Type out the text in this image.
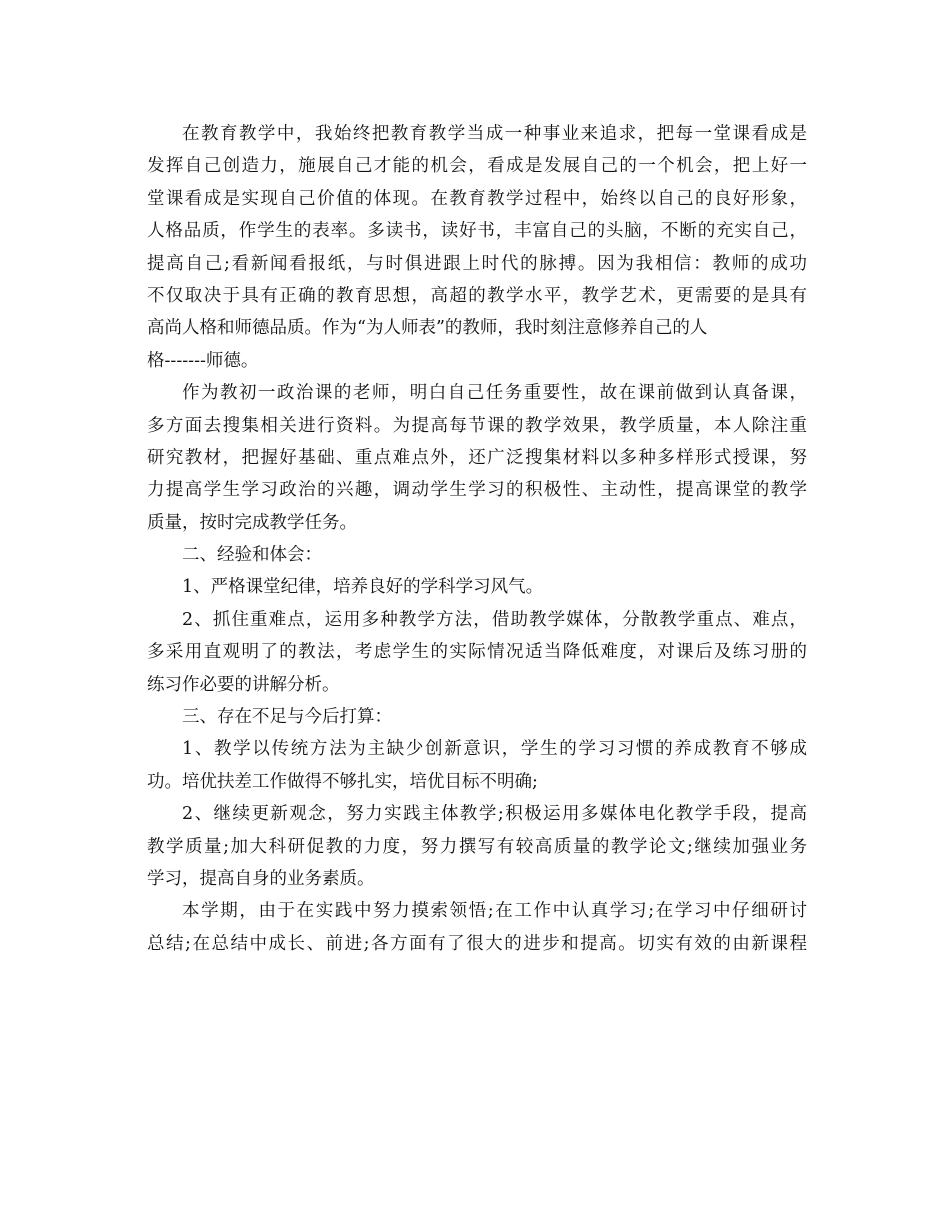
在教育教学中，我始终把教育教学当成一种事业来追求，把每一堂课看成是
发挥自己创造力，施展自己才能的机会，看成是发展自己的一个机会，把上好一
堂课看成是实现自己价值的体现。在教育教学过程中，始终以自己的良好形象，
人格品质，作学生的表率。多读书，读好书，丰富自己的头脑，不断的充实自己，
提高自己;看新闻看报纸，与时俱进跟上时代的脉搏。因为我相信：教师的成功
不仅取决于具有正确的教育思想，高超的教学水平，教学艺术，更需要的是具有
高尚人格和师德品质。作为“为人师表”的教师，我时刻注意修养自己的人
格-------师德。
作为教初一政治课的老师，明白自己任务重要性，故在课前做到认真备课，
多方面去搜集相关进行资料。为提高每节课的教学效果，教学质量，本人除注重
研究教材，把握好基础、重点难点外，还广泛搜集材料以多种多样形式授课，努
力提高学生学习政治的兴趣，调动学生学习的积极性、主动性，提高课堂的教学
质量，按时完成教学任务。
二、经验和体会：
1、严格课堂纪律，培养良好的学科学习风气。
2、抓住重难点，运用多种教学方法，借助教学媒体，分散教学重点、难点，
多采用直观明了的教法，考虑学生的实际情况适当降低难度，对课后及练习册的
练习作必要的讲解分析。
三、存在不足与今后打算：
1、教学以传统方法为主缺少创新意识，学生的学习习惯的养成教育不够成
功。培优扶差工作做得不够扎实，培优目标不明确;
2、继续更新观念，努力实践主体教学;积极运用多媒体电化教学手段，提高
教学质量;加大科研促教的力度，努力撰写有较高质量的教学论文;继续加强业务
学习，提高自身的业务素质。
本学期，由于在实践中努力摸索领悟;在工作中认真学习;在学习中仔细研讨
总结;在总结中成长、前进;各方面有了很大的进步和提高。切实有效的由新课程
